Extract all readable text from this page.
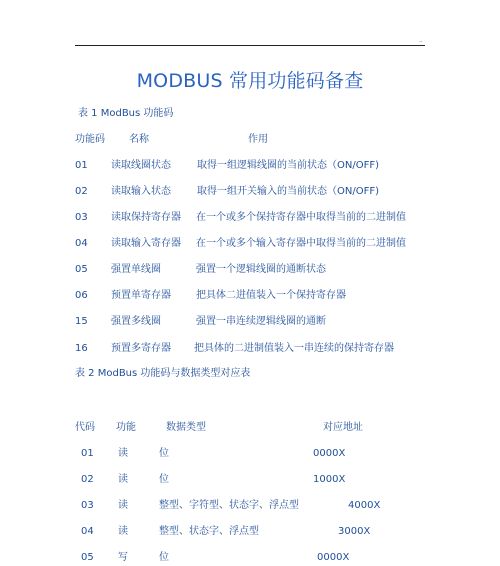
..
MODBUS 常用功能码备查
表 1 ModBus 功能码
功能码 名称	作用
01 读取线圈状态	取得一组逻辑线圈的当前状态（ON/OFF)
02 读取输入状态	取得一组开关输入的当前状态（ON/OFF)
03 读取保持寄存器 在一个或多个保持寄存器中取得当前的二进制值
04 读取输入寄存器 在一个或多个输入寄存器中取得当前的二进制值
05 强置单线圈	强置一个逻辑线圈的通断状态
06 预置单寄存器	把具体二进值装入一个保持寄存器
15 强置多线圈	强置一串连续逻辑线圈的通断
16 预置多寄存器 把具体的二进制值装入一串连续的保持寄存器
表 2 ModBus 功能码与数据类型对应表
代码 功能	数据类型	对应地址
01 读	位	0000X
02 读	位	1000X
03 读	整型、字符型、状态字、浮点型	4000X
04 读	整型、状态字、浮点型	3000X
05 写	位	0000X
